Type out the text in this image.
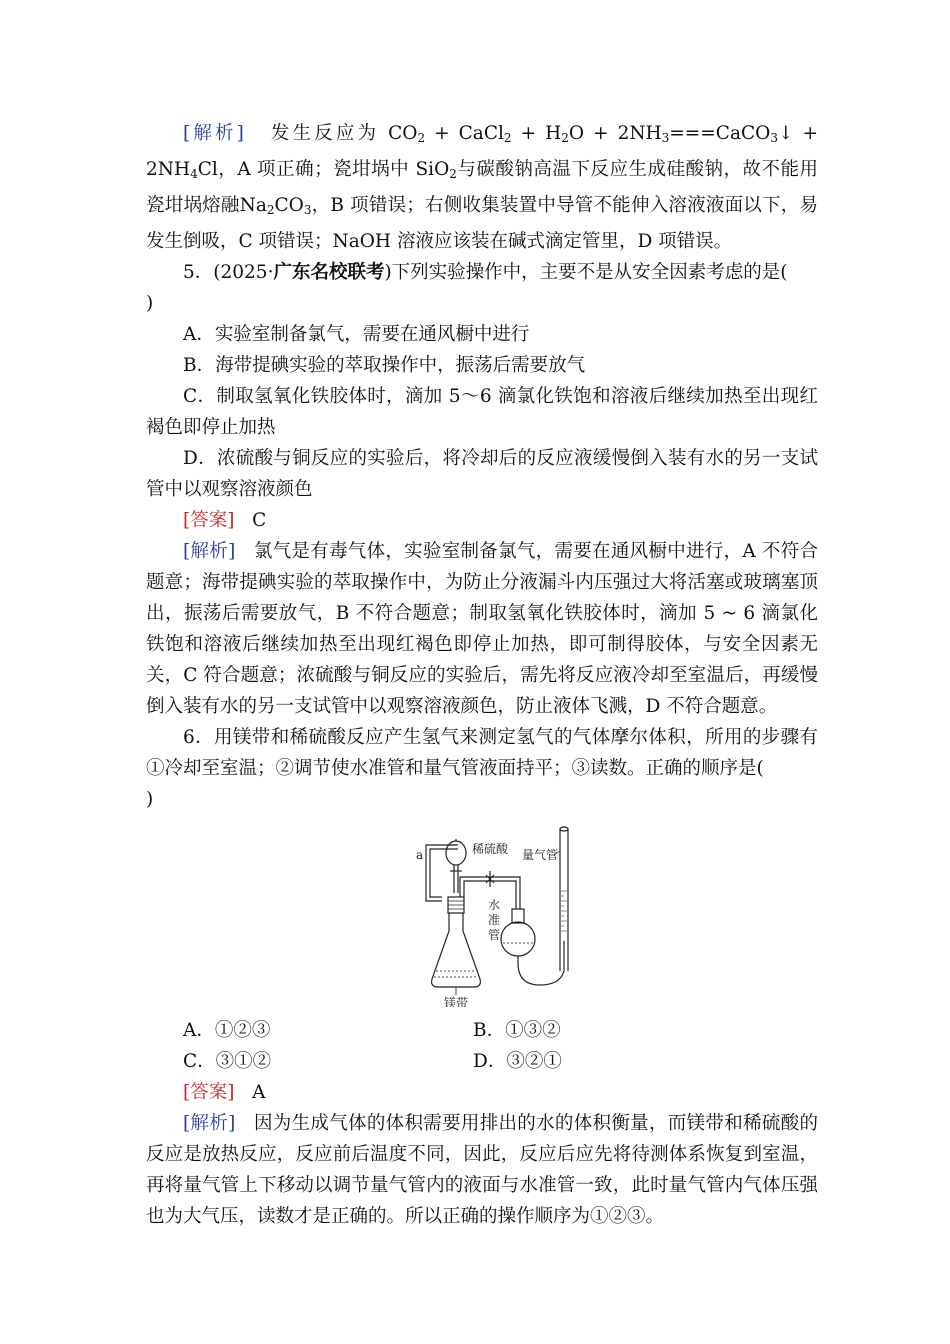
[解析] 发生反应为 $CO_2$ + CaCl$_2$ + $H_2O$ + $2NH_3===CaCO_3↓ + 2NH_4Cl$，A 项正确；瓷坩埚中 SiO$_2$与碳酸钠高温下反应生成硅酸钠，故不能用瓷坩埚熔融$Na_2CO_3$，B 项错误；右侧收集装置中导管不能伸入溶液液面以下，易发生倒吸，C 项错误；NaOH 溶液应该装在碱式滴定管里，D 项错误。

5．(2025·广东名校联考)下列实验操作中，主要不是从安全因素考虑的是(
)

A．实验室制备氯气，需要在通风橱中进行

B．海带提碘实验的萃取操作中，振荡后需要放气

C．制取氢氧化铁胶体时，滴加 5～6 滴氯化铁饱和溶液后继续加热至出现红褐色即停止加热

D．浓硫酸与铜反应的实验后，将冷却后的反应液缓慢倒入装有水的另一支试管中以观察溶液颜色

[答案] C

[解析] 氯气是有毒气体，实验室制备氯气，需要在通风橱中进行，A 不符合题意；海带提碘实验的萃取操作中，为防止分液漏斗内压强过大将活塞或玻璃塞顶出，振荡后需要放气，B 不符合题意；制取氢氧化铁胶体时，滴加 5 ~ 6 滴氯化铁饱和溶液后继续加热至出现红褐色即停止加热，即可制得胶体，与安全因素无关，C 符合题意；浓硫酸与铜反应的实验后，需先将反应液冷却至室温后，再缓慢倒入装有水的另一支试管中以观察溶液颜色，防止液体飞溅，D 不符合题意。

6．用镁带和稀硫酸反应产生氢气来测定氢气的气体摩尔体积，所用的步骤有①冷却至室温；②调节使水准管和量气管液面持平；③读数。正确的顺序是(
)

a	稀硫酸
镁带
水
准
管
量气管
A．①②③	B．①③②
C．③①②	D．③②①

[答案] A

[解析] 因为生成气体的体积需要用排出的水的体积衡量，而镁带和稀硫酸的反应是放热反应，反应前后温度不同，因此，反应后应先将待测体系恢复到室温，再将量气管上下移动以调节量气管内的液面与水准管一致，此时量气管内气体压强也为大气压，读数才是正确的。所以正确的操作顺序为①②③。
